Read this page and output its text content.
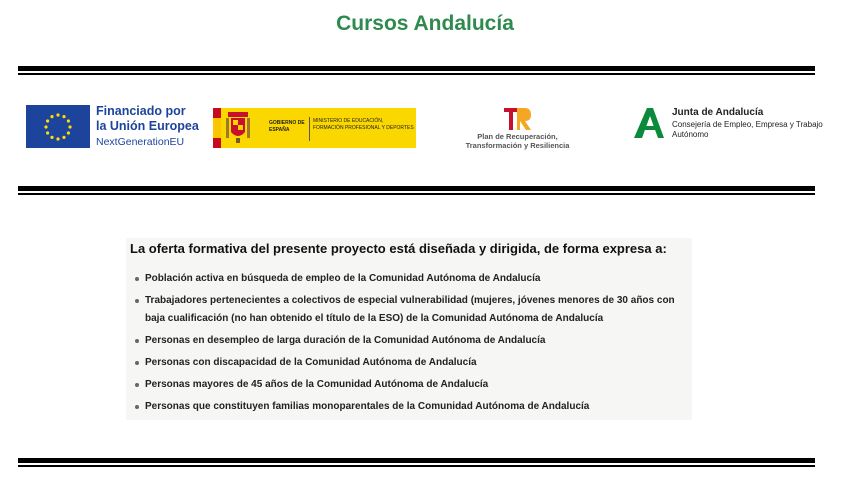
Cursos Andalucía
Financiado por
la Unión Europea
NextGenerationEU
GOBIERNO DE ESPAÑA
MINISTERIO DE EDUCACIÓN, FORMACIÓN PROFESIONAL Y DEPORTES
Plan de Recuperación,
Transformación y Resiliencia
Junta de Andalucía
Consejería de Empleo, Empresa y Trabajo Autónomo
La oferta formativa del presente proyecto está diseñada y dirigida, de forma expresa a:
Población activa en búsqueda de empleo de la Comunidad Autónoma de Andalucía
Trabajadores pertenecientes a colectivos de especial vulnerabilidad (mujeres, jóvenes menores de 30 años con baja cualificación (no han obtenido el título de la ESO) de la Comunidad Autónoma de Andalucía
Personas en desempleo de larga duración de la Comunidad Autónoma de Andalucía
Personas con discapacidad de la Comunidad Autónoma de Andalucía
Personas mayores de 45 años de la Comunidad Autónoma de Andalucía
Personas que constituyen familias monoparentales de la Comunidad Autónoma de Andalucía
